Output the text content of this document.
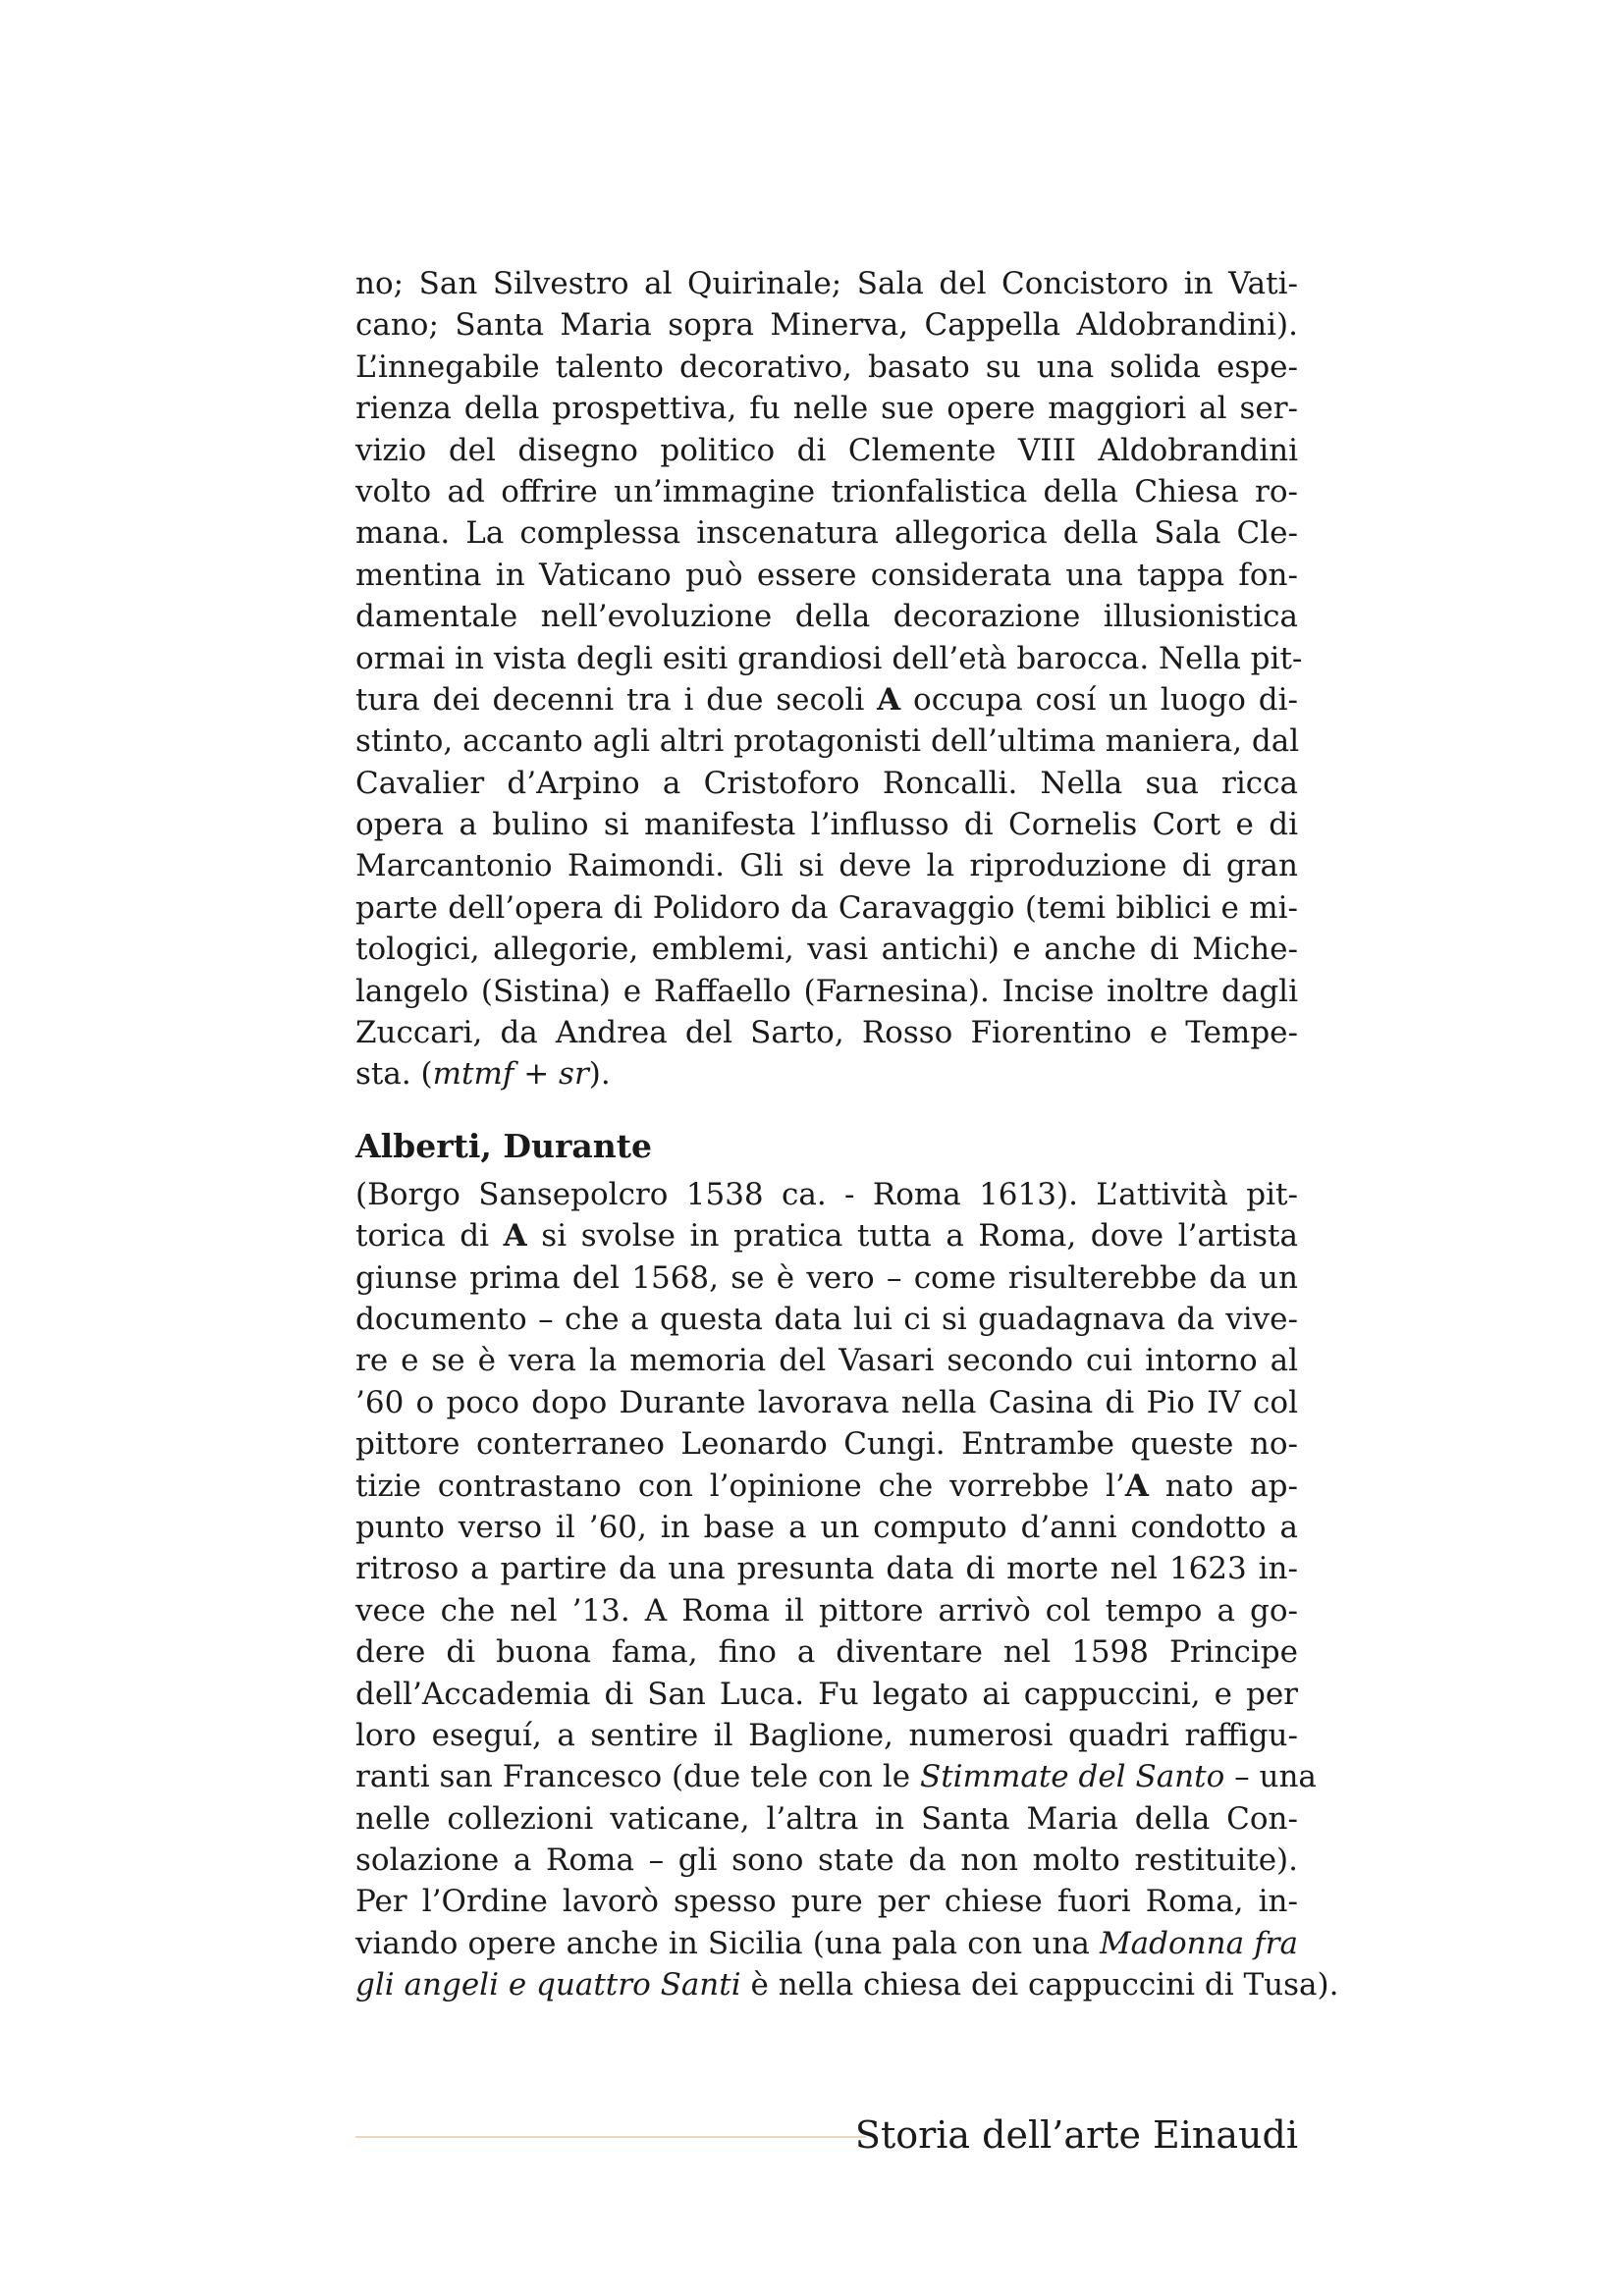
no; San Silvestro al Quirinale; Sala del Concistoro in Vati-
cano; Santa Maria sopra Minerva, Cappella Aldobrandini).
L’innegabile talento decorativo, basato su una solida espe-
rienza della prospettiva, fu nelle sue opere maggiori al ser-
vizio del disegno politico di Clemente VIII Aldobrandini
volto ad offrire un’immagine trionfalistica della Chiesa ro-
mana. La complessa inscenatura allegorica della Sala Cle-
mentina in Vaticano può essere considerata una tappa fon-
damentale nell’evoluzione della decorazione illusionistica
ormai in vista degli esiti grandiosi dell’età barocca. Nella pit-
tura dei decenni tra i due secoli A occupa cosí un luogo di-
stinto, accanto agli altri protagonisti dell’ultima maniera, dal
Cavalier d’Arpino a Cristoforo Roncalli. Nella sua ricca
opera a bulino si manifesta l’influsso di Cornelis Cort e di
Marcantonio Raimondi. Gli si deve la riproduzione di gran
parte dell’opera di Polidoro da Caravaggio (temi biblici e mi-
tologici, allegorie, emblemi, vasi antichi) e anche di Miche-
langelo (Sistina) e Raffaello (Farnesina). Incise inoltre dagli
Zuccari, da Andrea del Sarto, Rosso Fiorentino e Tempe-
sta. (mtmf + sr).
Alberti, Durante
(Borgo Sansepolcro 1538 ca. - Roma 1613). L’attività pit-
torica di A si svolse in pratica tutta a Roma, dove l’artista
giunse prima del 1568, se è vero – come risulterebbe da un
documento – che a questa data lui ci si guadagnava da vive-
re e se è vera la memoria del Vasari secondo cui intorno al
’60 o poco dopo Durante lavorava nella Casina di Pio IV col
pittore conterraneo Leonardo Cungi. Entrambe queste no-
tizie contrastano con l’opinione che vorrebbe l’A nato ap-
punto verso il ’60, in base a un computo d’anni condotto a
ritroso a partire da una presunta data di morte nel 1623 in-
vece che nel ’13. A Roma il pittore arrivò col tempo a go-
dere di buona fama, fino a diventare nel 1598 Principe
dell’Accademia di San Luca. Fu legato ai cappuccini, e per
loro eseguí, a sentire il Baglione, numerosi quadri raffigu-
ranti san Francesco (due tele con le Stimmate del Santo – una
nelle collezioni vaticane, l’altra in Santa Maria della Con-
solazione a Roma – gli sono state da non molto restituite).
Per l’Ordine lavorò spesso pure per chiese fuori Roma, in-
viando opere anche in Sicilia (una pala con una Madonna fra
gli angeli e quattro Santi è nella chiesa dei cappuccini di Tusa).
Storia dell’arte Einaudi
